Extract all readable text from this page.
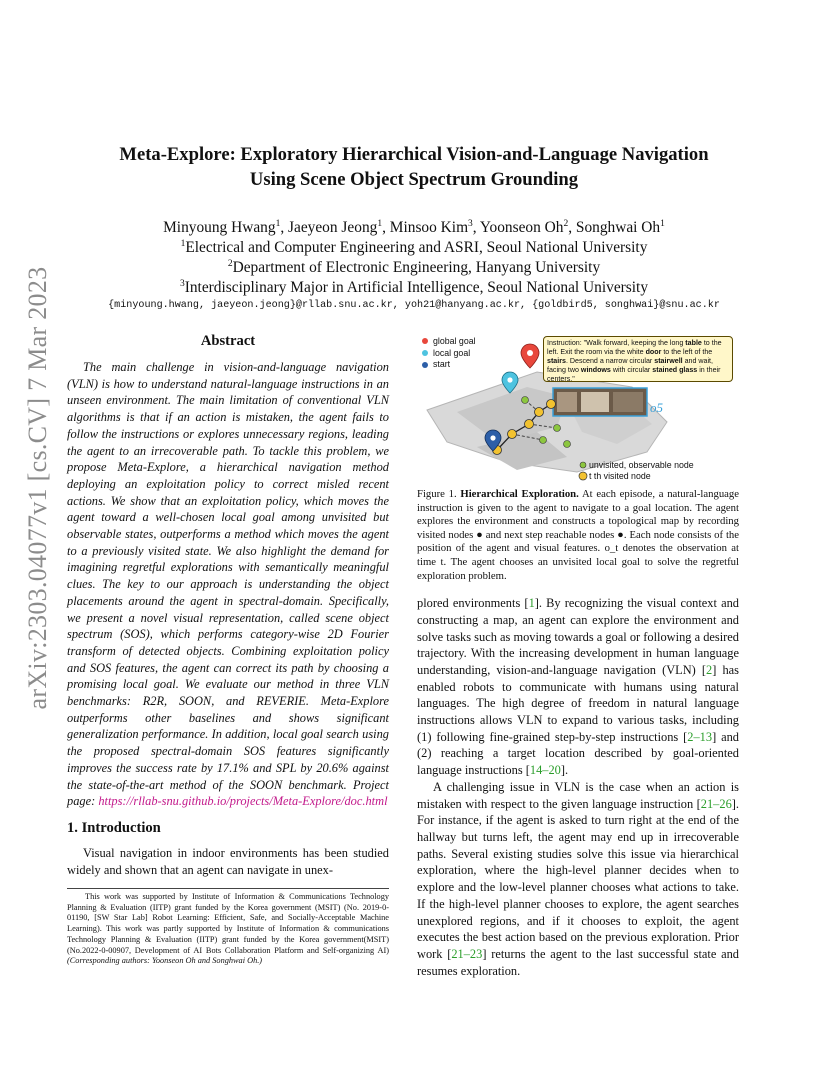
arXiv:2303.04077v1 [cs.CV] 7 Mar 2023
Meta-Explore: Exploratory Hierarchical Vision-and-Language Navigation
Using Scene Object Spectrum Grounding
Minyoung Hwang$^1$, Jaeyeon Jeong$^1$, Minsoo Kim$^3$, Yoonseon Oh$^2$, Songhwai Oh$^1$
$^1$Electrical and Computer Engineering and ASRI, Seoul National University
$^2$Department of Electronic Engineering, Hanyang University
$^3$Interdisciplinary Major in Artificial Intelligence, Seoul National University
{minyoung.hwang, jaeyeon.jeong}@rllab.snu.ac.kr, yoh21@hanyang.ac.kr, {goldbird5, songhwai}@snu.ac.kr
Abstract

The main challenge in vision-and-language navigation (VLN) is how to understand natural-language instructions in an unseen environment. The main limitation of conventional VLN algorithms is that if an action is mistaken, the agent fails to follow the instructions or explores unnecessary regions, leading the agent to an irrecoverable path. To tackle this problem, we propose Meta-Explore, a hierarchical navigation method deploying an exploitation policy to correct misled recent actions. We show that an exploitation policy, which moves the agent toward a well-chosen local goal among unvisited but observable states, outperforms a method which moves the agent to a previously visited state. We also highlight the demand for imagining regretful explorations with semantically meaningful clues. The key to our approach is understanding the object placements around the agent in spectral-domain. Specifically, we present a novel visual representation, called scene object spectrum (SOS), which performs category-wise 2D Fourier transform of detected objects. Combining exploitation policy and SOS features, the agent can correct its path by choosing a promising local goal. We evaluate our method in three VLN benchmarks: R2R, SOON, and REVERIE. Meta-Explore outperforms other baselines and shows significant generalization performance. In addition, local goal search using the proposed spectral-domain SOS features significantly improves the success rate by 17.1% and SPL by 20.6% against the state-of-the-art method of the SOON benchmark. Project page: https://rllab-snu.github.io/projects/Meta-Explore/doc.html

1. Introduction

Visual navigation in indoor environments has been studied widely and shown that an agent can navigate in unex-

This work was supported by Institute of Information & Communications Technology Planning & Evaluation (IITP) grant funded by the Korea government (MSIT) (No. 2019-0-01190, [SW Star Lab] Robot Learning: Efficient, Safe, and Socially-Acceptable Machine Learning). This work was partly supported by Institute of Information & communications Technology Planning & Evaluation (IITP) grant funded by the Korea government(MSIT) (No.2022-0-00907, Development of AI Bots Collaboration Platform and Self-organizing AI)(Corresponding authors: Yoonseon Oh and Songhwai Oh.)

global goal
local goal
start
Instruction: "Walk forward, keeping the long table to the left. Exit the room via the white door to the left of the stairs. Descend a narrow circular stairwell and wait, facing two windows with circular stained glass in their centers."
o5
unvisited, observable node
t th visited node

Figure 1. Hierarchical Exploration. At each episode, a natural-language instruction is given to the agent to navigate to a goal location. The agent explores the environment and constructs a topological map by recording visited nodes ● and next step reachable nodes ●. Each node consists of the position of the agent and visual features. o_t denotes the observation at time t. The agent chooses an unvisited local goal to solve the regretful exploration problem.

plored environments [1]. By recognizing the visual context and constructing a map, an agent can explore the environment and solve tasks such as moving towards a goal or following a desired trajectory. With the increasing development in human language understanding, vision-and-language navigation (VLN) [2] has enabled robots to communicate with humans using natural languages. The high degree of freedom in natural language instructions allows VLN to expand to various tasks, including (1) following fine-grained step-by-step instructions [2–13] and (2) reaching a target location described by goal-oriented language instructions [14–20].

A challenging issue in VLN is the case when an action is mistaken with respect to the given language instruction [21–26]. For instance, if the agent is asked to turn right at the end of the hallway but turns left, the agent may end up in irrecoverable paths. Several existing studies solve this issue via hierarchical exploration, where the high-level planner decides when to explore and the low-level planner chooses what actions to take. If the high-level planner chooses to explore, the agent searches unexplored regions, and if it chooses to exploit, the agent executes the best action based on the previous exploration. Prior work [21–23] returns the agent to the last successful state and resumes exploration.
